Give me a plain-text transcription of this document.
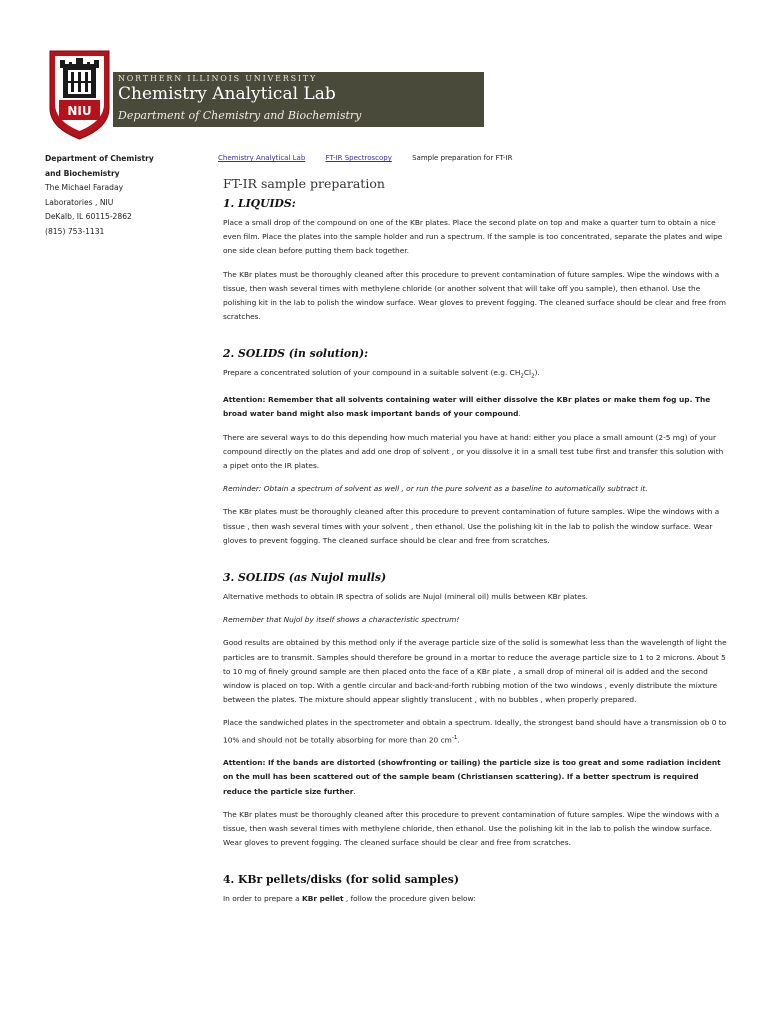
NIU
NORTHERN ILLINOIS UNIVERSITY
Chemistry Analytical Lab
Department of Chemistry and Biochemistry
Department of Chemistry
and Biochemistry
The Michael Faraday
Laboratories , NIU
DeKalb, IL 60115-2862
(815) 753-1131
Chemistry Analytical Lab	FT-IR Spectroscopy	Sample preparation for FT-IR
FT-IR sample preparation
1. LIQUIDS:

Place a small drop of the compound on one of the KBr plates. Place the second plate on top and make a quarter turn to obtain a nice even film. Place the plates into the sample holder and run a spectrum. If the sample is too concentrated, separate the plates and wipe one side clean before putting them back together.

The KBr plates must be thoroughly cleaned after this procedure to prevent contamination of future samples. Wipe the windows with a tissue, then wash several times with methylene chloride (or another solvent that will take off you sample), then ethanol. Use the polishing kit in the lab to polish the window surface. Wear gloves to prevent fogging. The cleaned surface should be clear and free from scratches.

2. SOLIDS (in solution):

Prepare a concentrated solution of your compound in a suitable solvent (e.g. $CH_2Cl_2$).

Attention: Remember that all solvents containing water will either dissolve the KBr plates or make them fog up. The broad water band might also mask important bands of your compound.

There are several ways to do this depending how much material you have at hand: either you place a small amount (2-5 mg) of your compound directly on the plates and add one drop of solvent , or you dissolve it in a small test tube first and transfer this solution with a pipet onto the IR plates.

Reminder: Obtain a spectrum of solvent as well , or run the pure solvent as a baseline to automatically subtract it.

The KBr plates must be thoroughly cleaned after this procedure to prevent contamination of future samples. Wipe the windows with a tissue , then wash several times with your solvent , then ethanol. Use the polishing kit in the lab to polish the window surface. Wear gloves to prevent fogging. The cleaned surface should be clear and free from scratches.

3. SOLIDS (as Nujol mulls)

Alternative methods to obtain IR spectra of solids are Nujol (mineral oil) mulls between KBr plates.

Remember that Nujol by itself shows a characteristic spectrum!

Good results are obtained by this method only if the average particle size of the solid is somewhat less than the wavelength of light the particles are to transmit. Samples should therefore be ground in a mortar to reduce the average particle size to 1 to 2 microns. About 5 to 10 mg of finely ground sample are then placed onto the face of a KBr plate , a small drop of mineral oil is added and the second window is placed on top. With a gentle circular and back-and-forth rubbing motion of the two windows , evenly distribute the mixture between the plates. The mixture should appear slightly translucent , with no bubbles , when properly prepared.

Place the sandwiched plates in the spectrometer and obtain a spectrum. Ideally, the strongest band should have a transmission ob 0 to 10% and should not be totally absorbing for more than 20 $cm^{-1}$.

Attention: If the bands are distorted (showfronting or tailing) the particle size is too great and some radiation incident on the mull has been scattered out of the sample beam (Christiansen scattering). If a better spectrum is required reduce the particle size further.

The KBr plates must be thoroughly cleaned after this procedure to prevent contamination of future samples. Wipe the windows with a tissue, then wash several times with methylene chloride, then ethanol. Use the polishing kit in the lab to polish the window surface. Wear gloves to prevent fogging. The cleaned surface should be clear and free from scratches.

4. KBr pellets/disks (for solid samples)

In order to prepare a KBr pellet , follow the procedure given below:
